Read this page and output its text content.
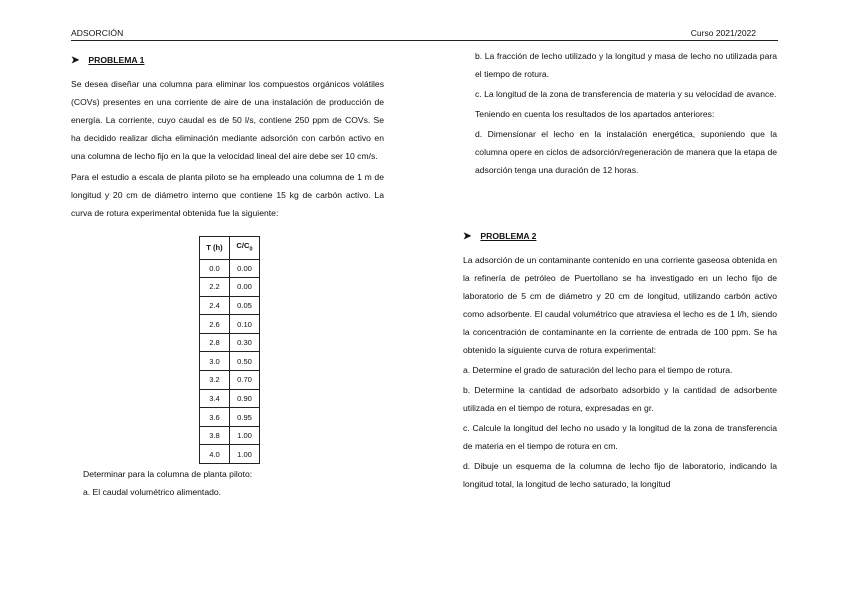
ADSORCIÓN	Curso 2021/2022

➤ PROBLEMA 1

Se desea diseñar una columna para eliminar los compuestos orgánicos volátiles (COVs) presentes en una corriente de aire de una instalación de producción de energía. La corriente, cuyo caudal es de 50 l/s, contiene 250 ppm de COVs. Se ha decidido realizar dicha eliminación mediante adsorción con carbón activo en una columna de lecho fijo en la que la velocidad lineal del aire debe ser 10 cm/s.

Para el estudio a escala de planta piloto se ha empleado una columna de 1 m de longitud y 20 cm de diámetro interno que contiene 15 kg de carbón activo. La curva de rotura experimental obtenida fue la siguiente:

T (h)	$C/C_0$
0.0	0.00
2.2	0.00
2.4	0.05
2.6	0.10
2.8	0.30
3.0	0.50
3.2	0.70
3.4	0.90
3.6	0.95
3.8	1.00
4.0	1.00

Determinar para la columna de planta piloto:

a. El caudal volumétrico alimentado.

b. La fracción de lecho utilizado y la longitud y masa de lecho no utilizada para el tiempo de rotura.

c. La longitud de la zona de transferencia de materia y su velocidad de avance.

Teniendo en cuenta los resultados de los apartados anteriores:

d. Dimensionar el lecho en la instalación energética, suponiendo que la columna opere en ciclos de adsorción/regeneración de manera que la etapa de adsorción tenga una duración de 12 horas.

➤ PROBLEMA 2

La adsorción de un contaminante contenido en una corriente gaseosa obtenida en la refinería de petróleo de Puertollano se ha investigado en un lecho fijo de laboratorio de 5 cm de diámetro y 20 cm de longitud, utilizando carbón activo como adsorbente. El caudal volumétrico que atraviesa el lecho es de 1 l/h, siendo la concentración de contaminante en la corriente de entrada de 100 ppm. Se ha obtenido la siguiente curva de rotura experimental:

a. Determine el grado de saturación del lecho para el tiempo de rotura.

b. Determine la cantidad de adsorbato adsorbido y la cantidad de adsorbente utilizada en el tiempo de rotura, expresadas en gr.

c. Calcule la longitud del lecho no usado y la longitud de la zona de transferencia de materia en el tiempo de rotura en cm.

d. Dibuje un esquema de la columna de lecho fijo de laboratorio, indicando la longitud total, la longitud de lecho saturado, la longitud
